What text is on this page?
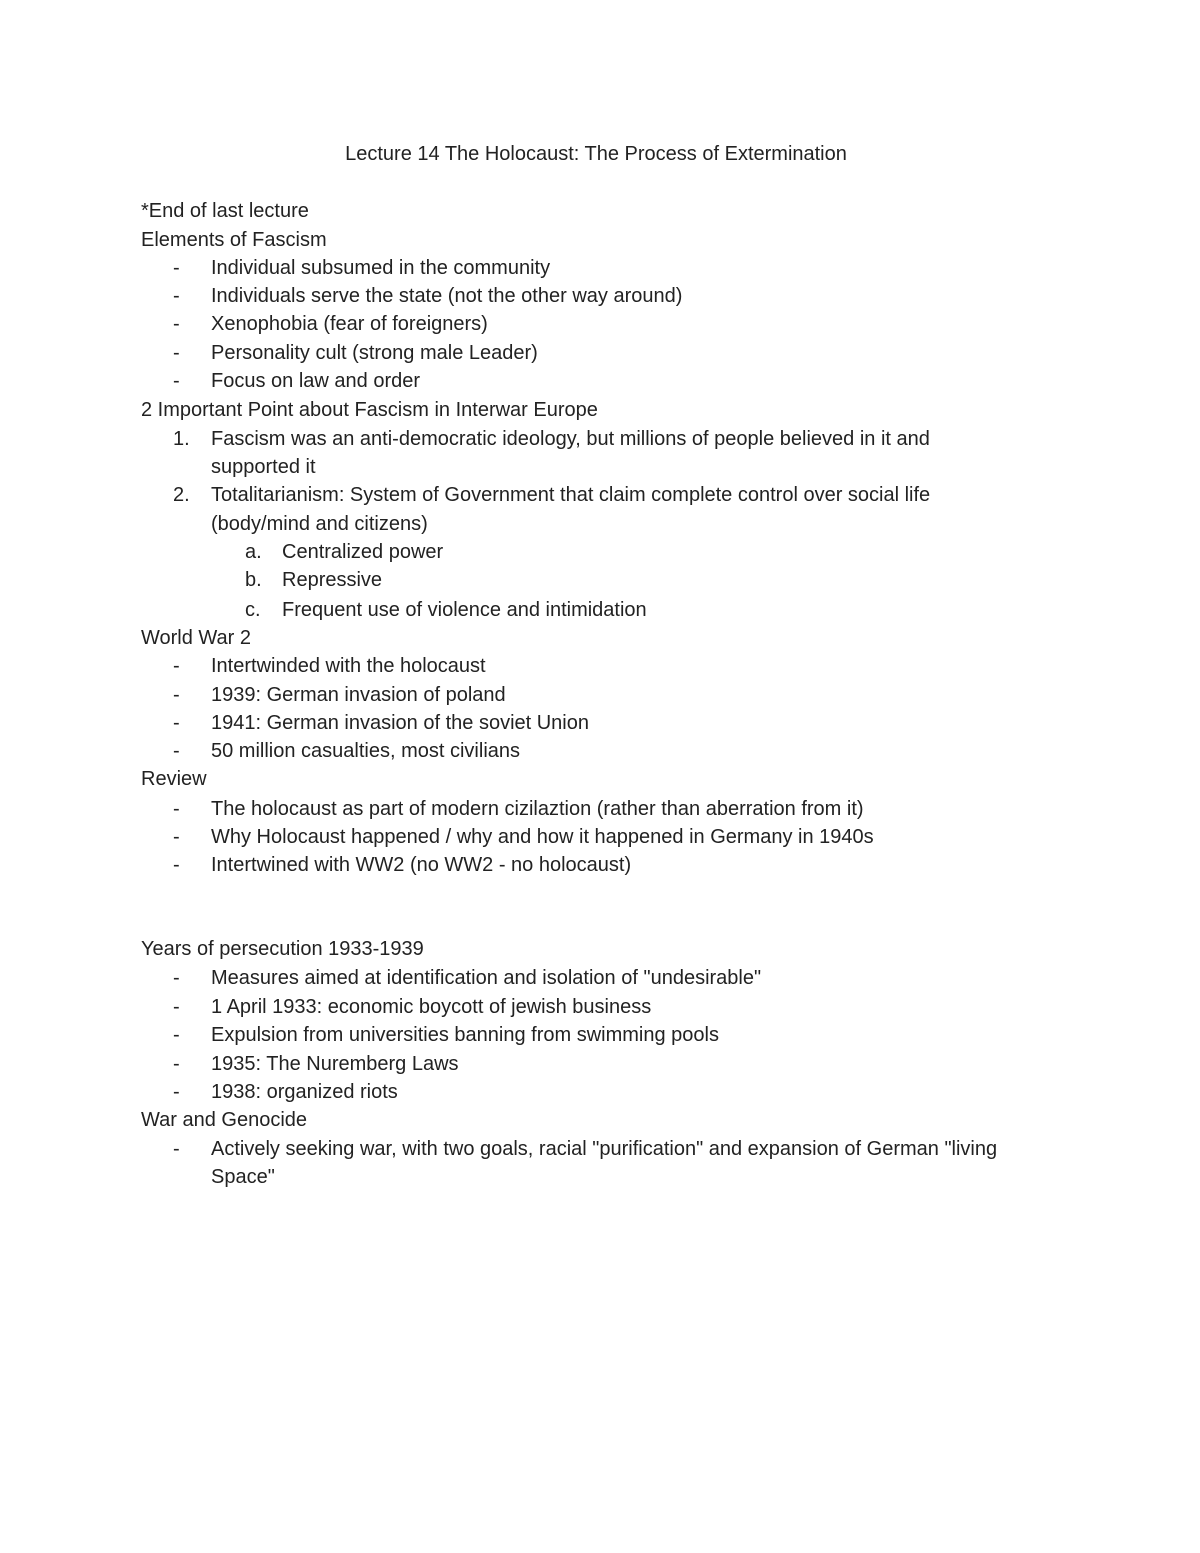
Lecture 14 The Holocaust: The Process of Extermination
*End of last lecture
Elements of Fascism
-	Individual subsumed in the community
-	Individuals serve the state (not the other way around)
-	Xenophobia (fear of foreigners)
-	Personality cult (strong male Leader)
-	Focus on law and order
2 Important Point about Fascism in Interwar Europe
1. Fascism was an anti-democratic ideology, but millions of people believed in it and
supported it
2. Totalitarianism: System of Government that claim complete control over social life
(body/mind and citizens)
a. Centralized power
b. Repressive
c.	Frequent use of violence and intimidation
World War 2
-	Intertwinded with the holocaust
-	1939: German invasion of poland
-	1941: German invasion of the soviet Union
-	50 million casualties, most civilians
Review
-	The holocaust as part of modern cizilaztion (rather than aberration from it)
-	Why Holocaust happened / why and how it happened in Germany in 1940s
-	Intertwined with WW2 (no WW2 - no holocaust)
Years of persecution 1933-1939
-	Measures aimed at identification and isolation of "undesirable"
-	1 April 1933: economic boycott of jewish business
-	Expulsion from universities banning from swimming pools
-	1935: The Nuremberg Laws
-	1938: organized riots
War and Genocide
-	Actively seeking war, with two goals, racial "purification" and expansion of German "living
Space"
